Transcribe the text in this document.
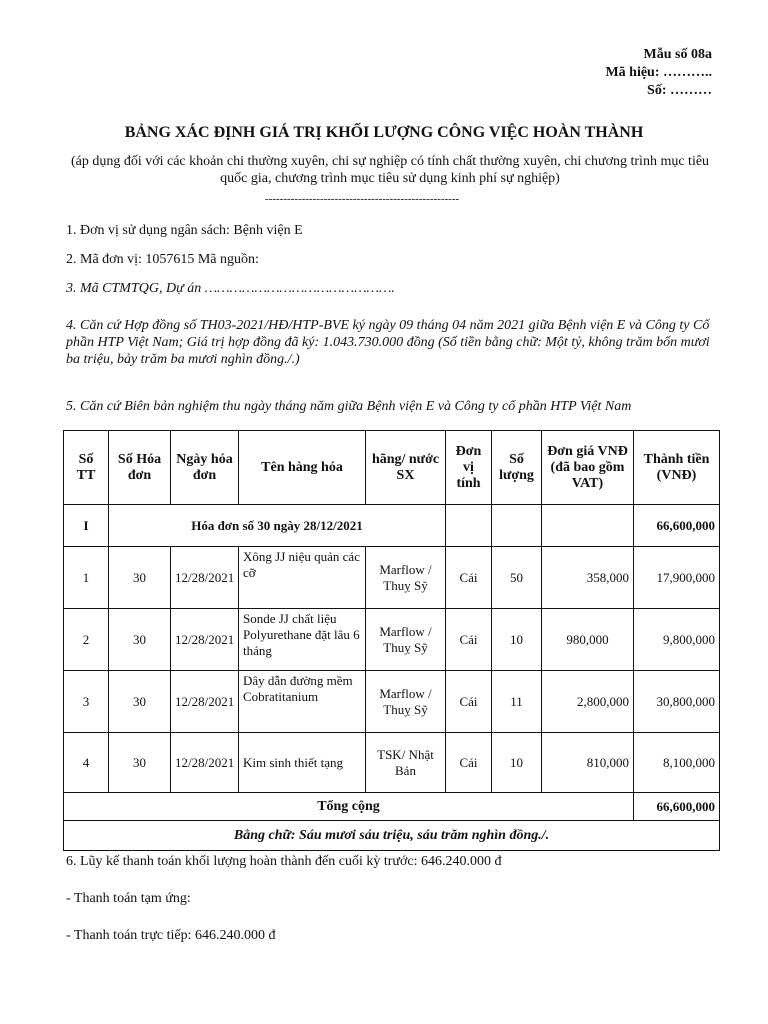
Mẫu số 08a
Mã hiệu: ………..
Số: ………
BẢNG XÁC ĐỊNH GIÁ TRỊ KHỐI LƯỢNG CÔNG VIỆC HOÀN THÀNH
(áp dụng đối với các khoản chi thường xuyên, chi sự nghiệp có tính chất thường xuyên, chi chương trình mục tiêu quốc gia, chương trình mục tiêu sử dụng kinh phí sự nghiệp)
-----------------------------------------------------
1. Đơn vị sử dụng ngân sách: Bệnh viện E
2. Mã đơn vị: 1057615 Mã nguồn:
3. Mã CTMTQG, Dự án ……………………………………….
4. Căn cứ Hợp đồng số TH03-2021/HĐ/HTP-BVE ký ngày 09 tháng 04 năm 2021 giữa Bệnh viện E và Công ty Cổ phần HTP Việt Nam; Giá trị hợp đồng đã ký: 1.043.730.000 đồng (Số tiền bằng chữ: Một tỷ, không trăm bốn mươi ba triệu, bảy trăm ba mươi nghìn đồng./.)
5. Căn cứ Biên bản nghiệm thu ngày tháng năm giữa Bệnh viện E và Công ty cổ phần HTP Việt Nam
Số TT	Số Hóa đơn	Ngày hóa đơn	Tên hàng hóa	hãng/ nước SX	Đơn vị tính	Số lượng	Đơn giá VNĐ (đã bao gồm VAT)	Thành tiền (VNĐ)
I	Hóa đơn số 30 ngày 28/12/2021							66,600,000
1	30	12/28/2021	Xông JJ niệu quản các cỡ	Marflow / Thuỵ Sỹ	Cái	50	358,000	17,900,000
2	30	12/28/2021	Sonde JJ chất liệu Polyurethane đặt lâu 6 tháng	Marflow / Thuỵ Sỹ	Cái	10	980,000	9,800,000
3	30	12/28/2021	Dây dẫn đường mềm Cobratitanium	Marflow / Thuỵ Sỹ	Cái	11	2,800,000	30,800,000
4	30	12/28/2021	Kim sinh thiết tạng	TSK/ Nhật Bản	Cái	10	810,000	8,100,000
Tổng cộng								66,600,000
Bằng chữ: Sáu mươi sáu triệu, sáu trăm nghìn đồng./.								
6. Lũy kế thanh toán khối lượng hoàn thành đến cuối kỳ trước: 646.240.000 đ
- Thanh toán tạm ứng:
- Thanh toán trực tiếp: 646.240.000 đ
